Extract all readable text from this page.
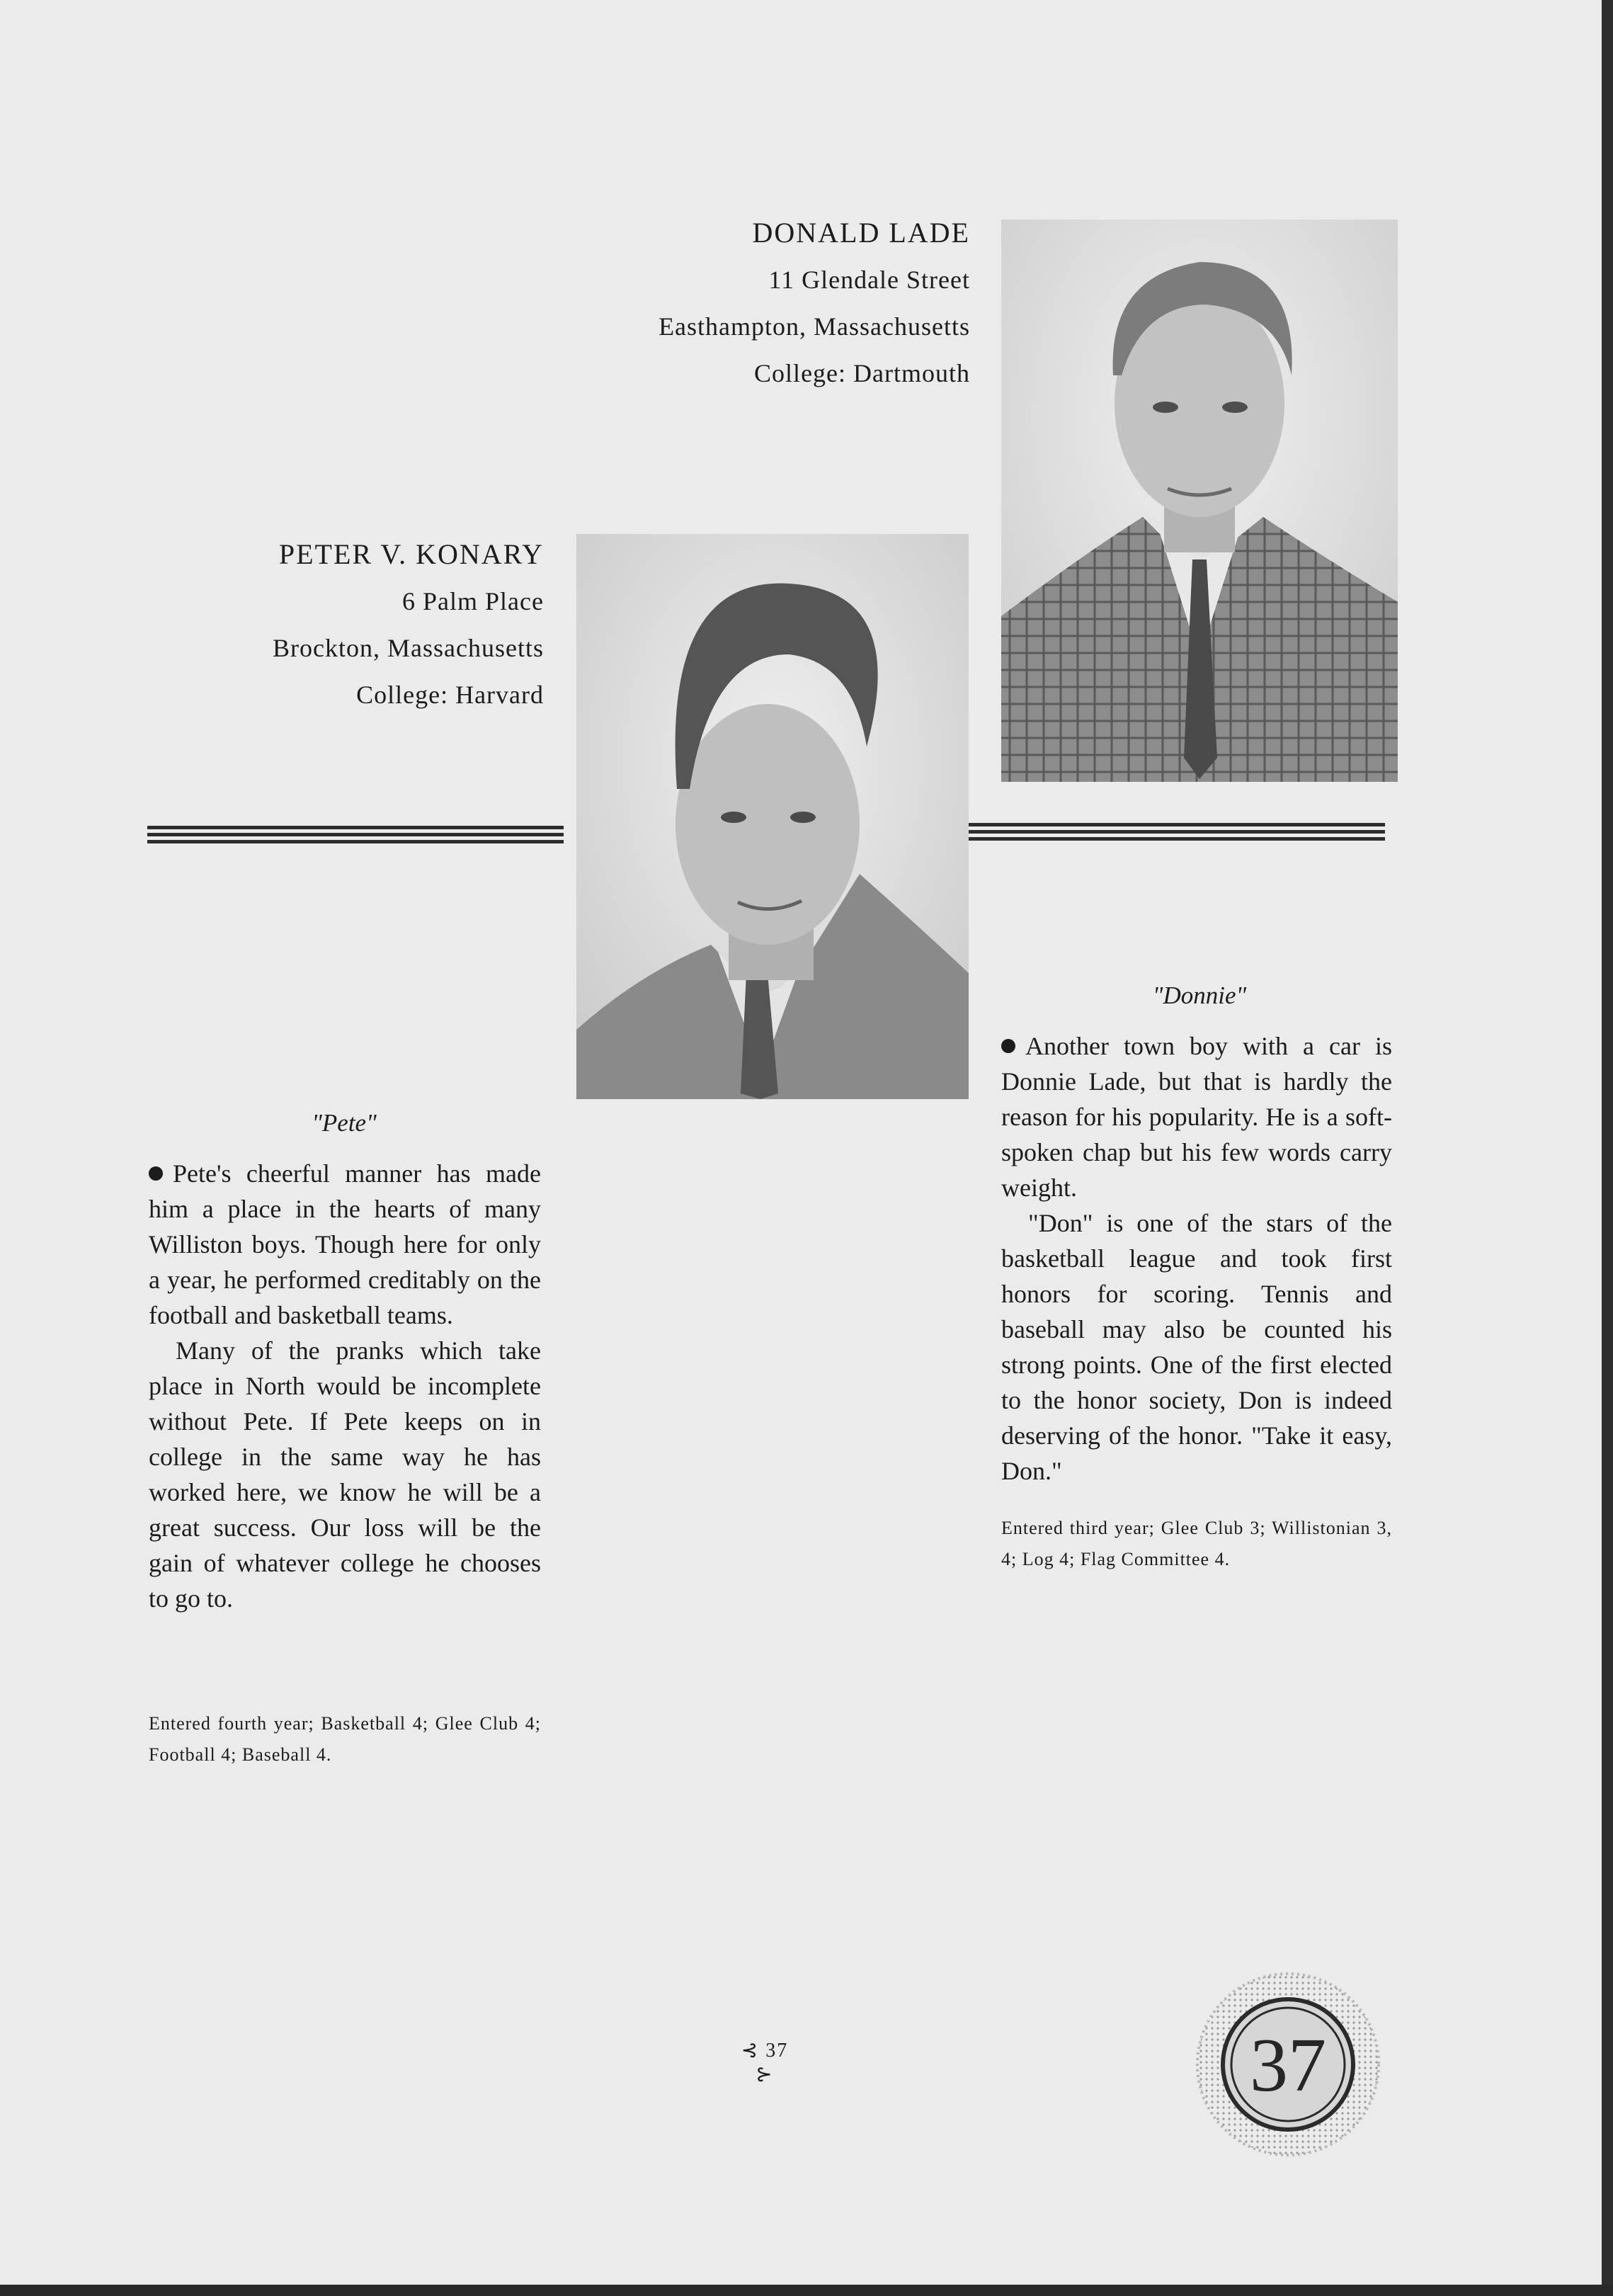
DONALD LADE
11 Glendale Street
Easthampton, Massachusetts
College: Dartmouth
PETER V. KONARY
6 Palm Place
Brockton, Massachusetts
College: Harvard
"Donnie"

Another town boy with a car is Donnie Lade, but that is hardly the reason for his popularity. He is a soft-spoken chap but his few words carry weight.

"Don" is one of the stars of the basketball league and took first honors for scoring. Tennis and baseball may also be counted his strong points. One of the first elected to the honor society, Don is indeed deserving of the honor. "Take it easy, Don."

Entered third year; Glee Club 3; Willistonian 3, 4; Log 4; Flag Committee 4.
"Pete"

Pete's cheerful manner has made him a place in the hearts of many Williston boys. Though here for only a year, he performed creditably on the football and basketball teams.

Many of the pranks which take place in North would be incomplete without Pete. If Pete keeps on in college in the same way he has worked here, we know he will be a great success. Our loss will be the gain of whatever college he chooses to go to.

Entered fourth year; Basketball 4; Glee Club 4; Football 4; Baseball 4.
⊰ 37 ⊱	37
